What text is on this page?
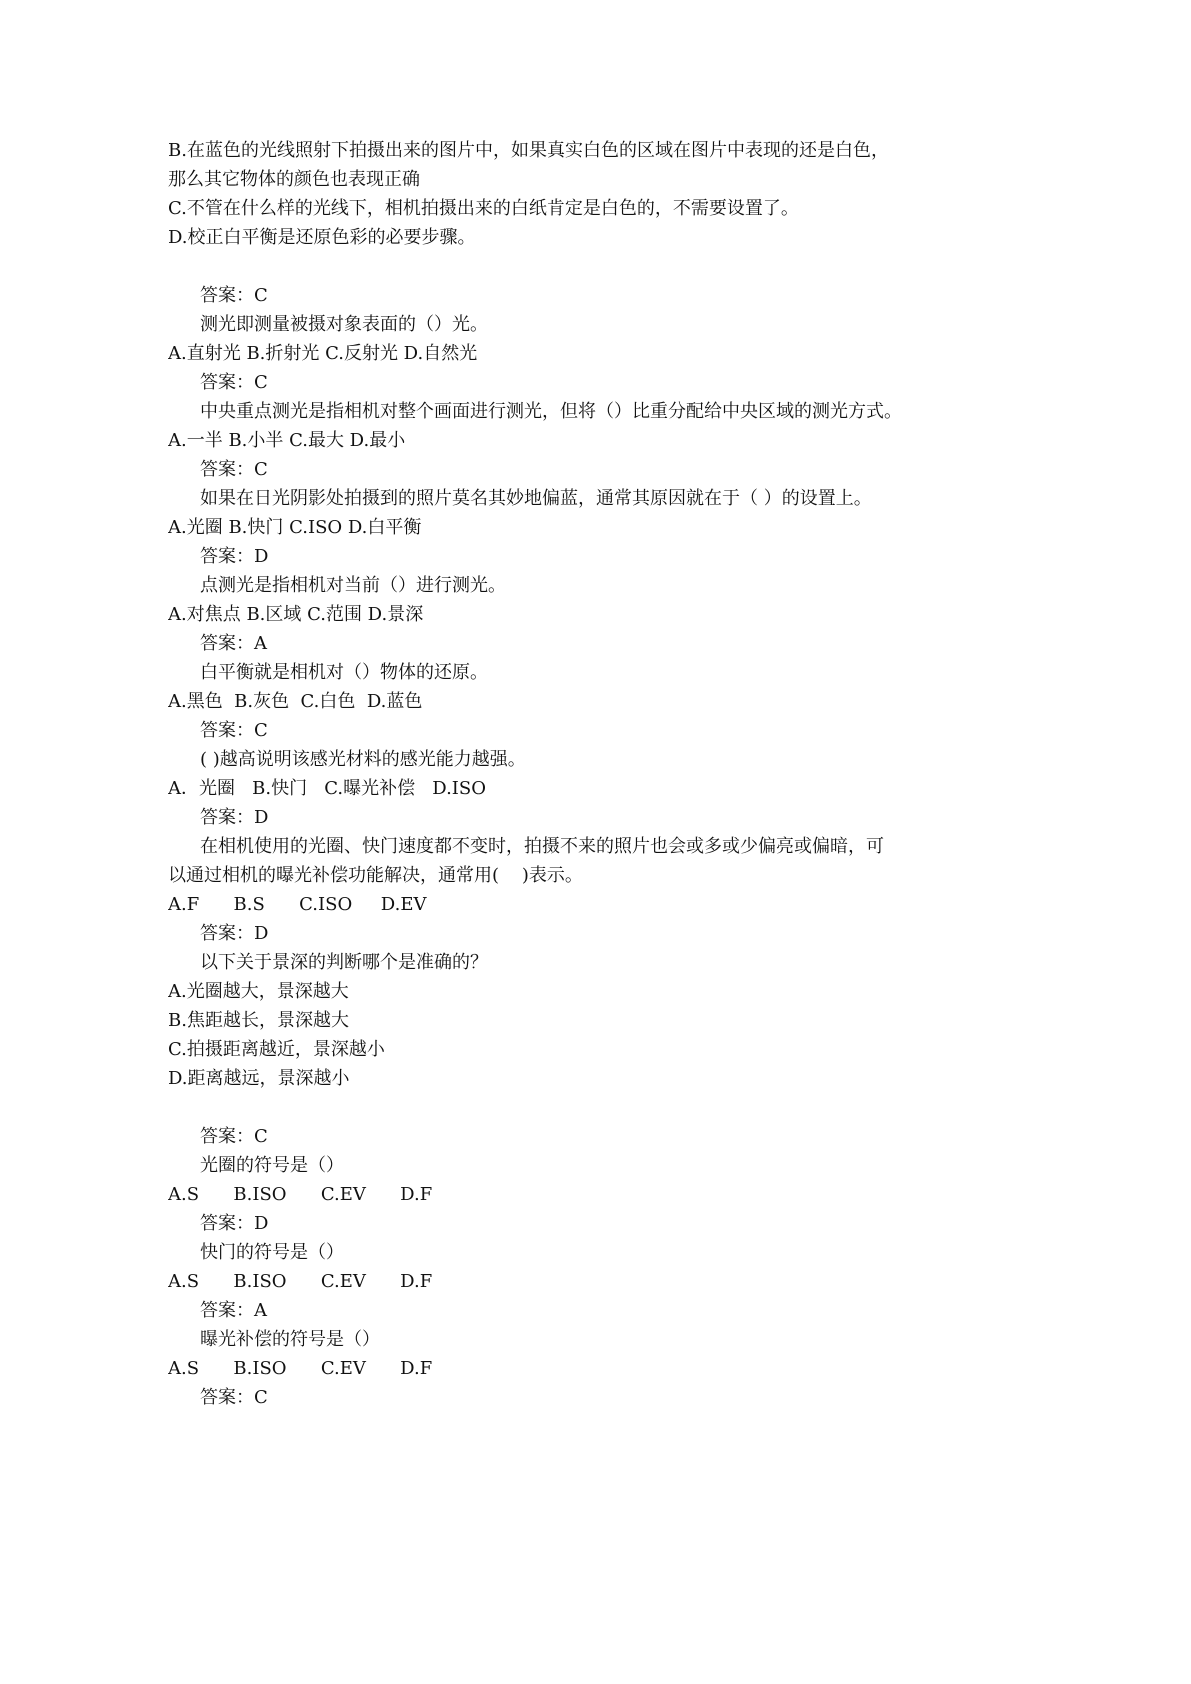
B.在蓝色的光线照射下拍摄出来的图片中，如果真实白色的区域在图片中表现的还是白色，
那么其它物体的颜色也表现正确
C.不管在什么样的光线下，相机拍摄出来的白纸肯定是白色的，不需要设置了。
D.校正白平衡是还原色彩的必要步骤。
答案：C
测光即测量被摄对象表面的（）光。
A.直射光 B.折射光 C.反射光 D.自然光
答案：C
中央重点测光是指相机对整个画面进行测光，但将（）比重分配给中央区域的测光方式。
A.一半 B.小半 C.最大 D.最小
答案：C
如果在日光阴影处拍摄到的照片莫名其妙地偏蓝，通常其原因就在于（ ）的设置上。
A.光圈 B.快门 C.ISO D.白平衡
答案：D
点测光是指相机对当前（）进行测光。
A.对焦点 B.区域 C.范围 D.景深
答案：A
白平衡就是相机对（）物体的还原。
A.黑色  B.灰色  C.白色  D.蓝色
答案：C
( )越高说明该感光材料的感光能力越强。
A．光圈   B.快门   C.曝光补偿   D.ISO
答案：D
在相机使用的光圈、快门速度都不变时，拍摄不来的照片也会或多或少偏亮或偏暗，可
以通过相机的曝光补偿功能解决，通常用(    )表示。
A.F      B.S      C.ISO     D.EV
答案：D
以下关于景深的判断哪个是准确的？
A.光圈越大，景深越大
B.焦距越长，景深越大
C.拍摄距离越近，景深越小
D.距离越远，景深越小
答案：C
光圈的符号是（）
A.S      B.ISO      C.EV      D.F
答案：D
快门的符号是（）
A.S      B.ISO      C.EV      D.F
答案：A
曝光补偿的符号是（）
A.S      B.ISO      C.EV      D.F
答案：C
